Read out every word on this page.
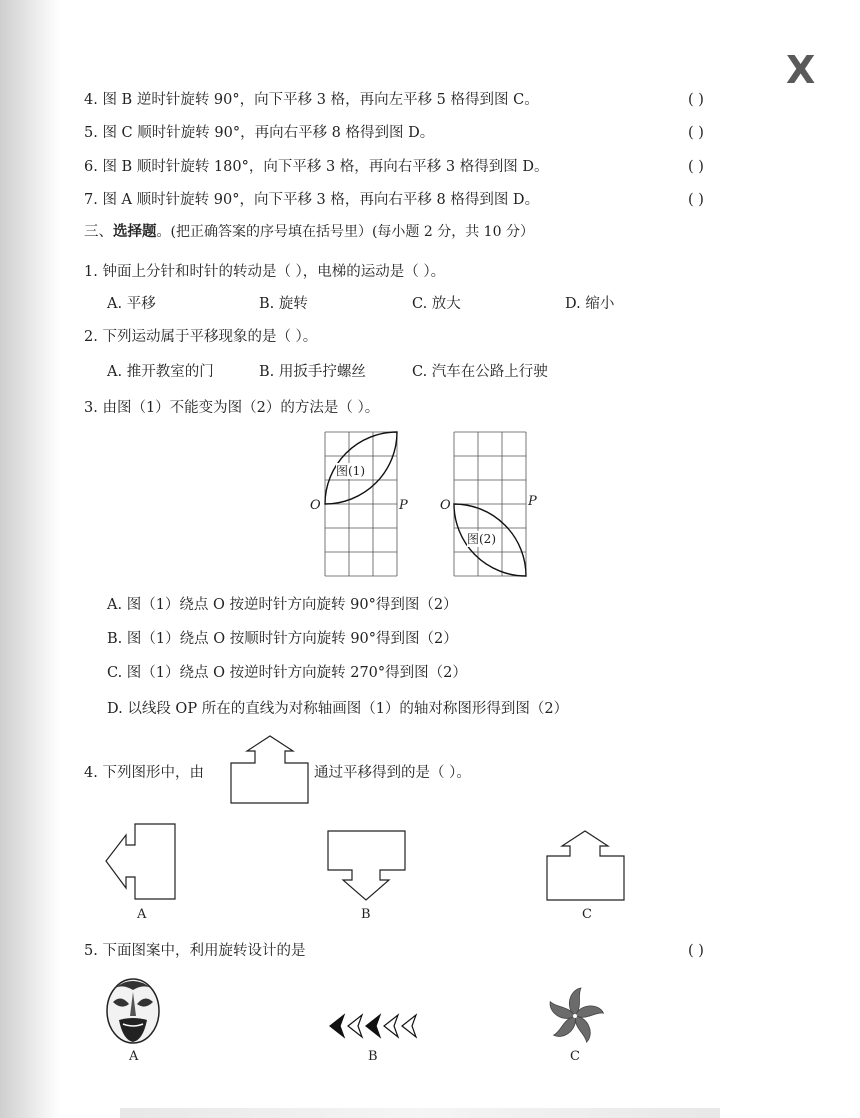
X
4. 图 B 逆时针旋转 90°，向下平移 3 格，再向左平移 5 格得到图 C。	( )
5. 图 C 顺时针旋转 90°，再向右平移 8 格得到图 D。	( )
6. 图 B 顺时针旋转 180°，向下平移 3 格，再向右平移 3 格得到图 D。	( )
7. 图 A 顺时针旋转 90°，向下平移 3 格，再向右平移 8 格得到图 D。	( )
三、选择题。(把正确答案的序号填在括号里）(每小题 2 分，共 10 分）
1. 钟面上分针和时针的转动是（ ），电梯的运动是（ ）。
A. 平移	B. 旋转	C. 放大	D. 缩小
2. 下列运动属于平移现象的是（ ）。
A. 推开教室的门	B. 用扳手拧螺丝	C. 汽车在公路上行驶
3. 由图（1）不能变为图（2）的方法是（ ）。
图(1)
O	P
图(2)
O	P
A. 图（1）绕点 O 按逆时针方向旋转 90°得到图（2）
B. 图（1）绕点 O 按顺时针方向旋转 90°得到图（2）
C. 图（1）绕点 O 按逆时针方向旋转 270°得到图（2）
D. 以线段 OP 所在的直线为对称轴画图（1）的轴对称图形得到图（2）
4. 下列图形中，由	通过平移得到的是（ ）。
A	B	C
5. 下面图案中，利用旋转设计的是	( )
A	B	C
